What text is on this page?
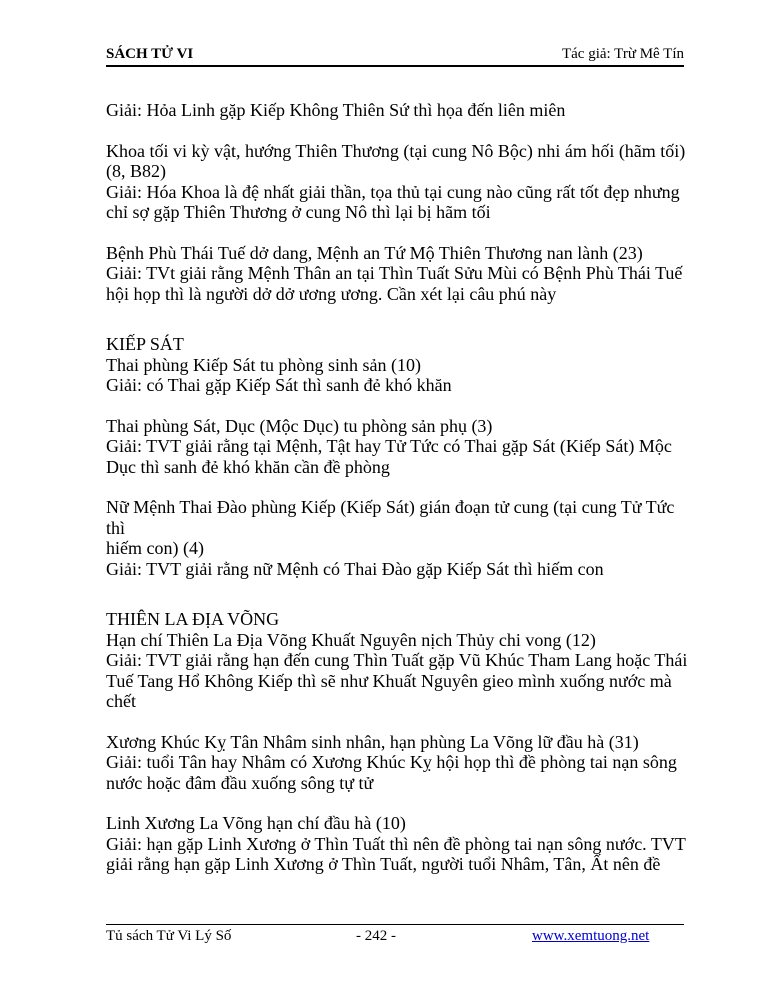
SÁCH TỬ VI	Tác giả: Trừ Mê Tín

Giải: Hỏa Linh gặp Kiếp Không Thiên Sứ thì họa đến liên miên

Khoa tối vi kỳ vật, hướng Thiên Thương (tại cung Nô Bộc) nhi ám hối (hãm tối)

(8, B82)

Giải: Hóa Khoa là đệ nhất giải thần, tọa thủ tại cung nào cũng rất tốt đẹp nhưng

chỉ sợ gặp Thiên Thương ở cung Nô thì lại bị hãm tối

Bệnh Phù Thái Tuế dở dang, Mệnh an Tứ Mộ Thiên Thương nan lành (23)

Giải: TVt giải rằng Mệnh Thân an tại Thìn Tuất Sửu Mùi có Bệnh Phù Thái Tuế

hội họp thì là người dở dở ương ương. Cần xét lại câu phú này

KIẾP SÁT

Thai phùng Kiếp Sát tu phòng sinh sản (10)

Giải: có Thai gặp Kiếp Sát thì sanh đẻ khó khăn

Thai phùng Sát, Dục (Mộc Dục) tu phòng sản phụ (3)

Giải: TVT giải rằng tại Mệnh, Tật hay Tử Tức có Thai gặp Sát (Kiếp Sát) Mộc

Dục thì sanh đẻ khó khăn cần đề phòng

Nữ Mệnh Thai Đào phùng Kiếp (Kiếp Sát) gián đoạn tử cung (tại cung Tử Tức thì

hiếm con) (4)

Giải: TVT giải rằng nữ Mệnh có Thai Đào gặp Kiếp Sát thì hiếm con

THIÊN LA ĐỊA VÕNG

Hạn chí Thiên La Địa Võng Khuất Nguyên nịch Thủy chi vong (12)

Giải: TVT giải rằng hạn đến cung Thìn Tuất gặp Vũ Khúc Tham Lang hoặc Thái

Tuế Tang Hổ Không Kiếp thì sẽ như Khuất Nguyên gieo mình xuống nước mà

chết

Xương Khúc Kỵ Tân Nhâm sinh nhân, hạn phùng La Võng lữ đầu hà (31)

Giải: tuổi Tân hay Nhâm có Xương Khúc Kỵ hội họp thì đề phòng tai nạn sông

nước hoặc đâm đầu xuống sông tự tử

Linh Xương La Võng hạn chí đầu hà (10)

Giải: hạn gặp Linh Xương ở Thìn Tuất thì nên đề phòng tai nạn sông nước. TVT

giải rằng hạn gặp Linh Xương ở Thìn Tuất, người tuổi Nhâm, Tân, Ất nên đề

Tủ sách Tử Vi Lý Số	- 242 -	www.xemtuong.net
